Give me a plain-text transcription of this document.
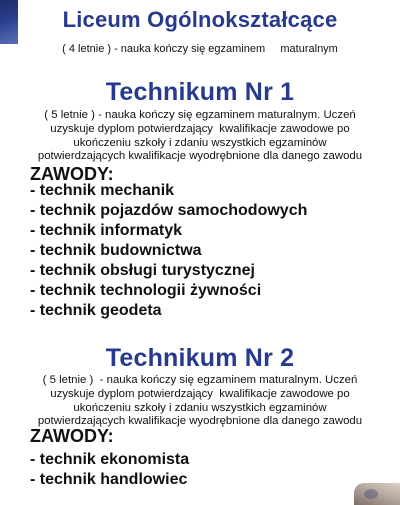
Liceum Ogólnokształcące
( 4 letnie ) - nauka kończy się egzaminem     maturalnym
Technikum Nr 1
( 5 letnie ) - nauka kończy się egzaminem maturalnym. Uczeń
uzyskuje dyplom potwierdzający  kwalifikacje zawodowe po
ukończeniu szkoły i zdaniu wszystkich egzaminów
potwierdzających kwalifikacje wyodrębnione dla danego zawodu
ZAWODY:
- technik mechanik
- technik pojazdów samochodowych
- technik informatyk
- technik budownictwa
- technik obsługi turystycznej
- technik technologii żywności
- technik geodeta
Technikum Nr 2
( 5 letnie )  - nauka kończy się egzaminem maturalnym. Uczeń
uzyskuje dyplom potwierdzający  kwalifikacje zawodowe po
ukończeniu szkoły i zdaniu wszystkich egzaminów
potwierdzających kwalifikacje wyodrębnione dla danego zawodu
ZAWODY:
- technik ekonomista
- technik handlowiec
